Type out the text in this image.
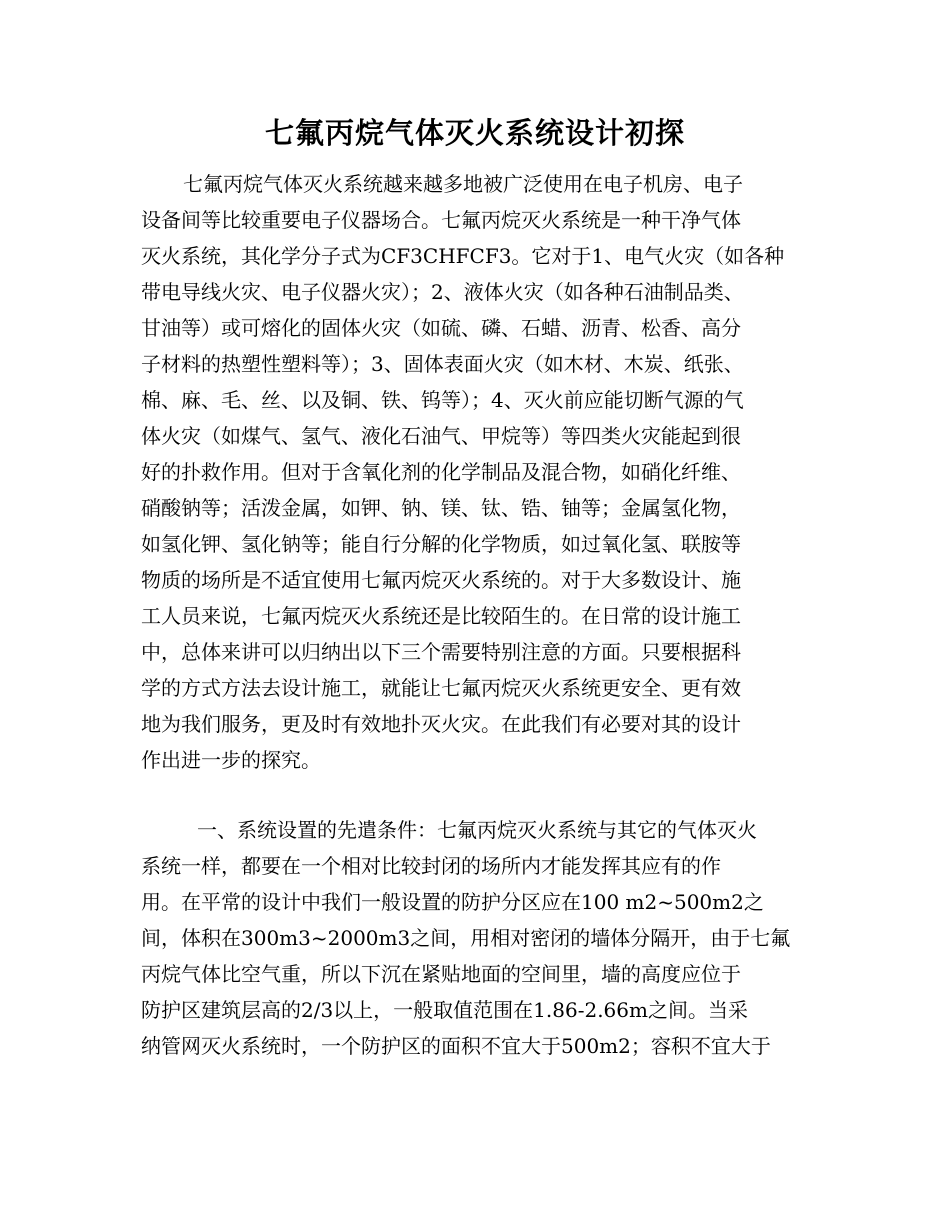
七氟丙烷气体灭火系统设计初探
七氟丙烷气体灭火系统越来越多地被广泛使用在电子机房、电子
设备间等比较重要电子仪器场合。七氟丙烷灭火系统是一种干净气体
灭火系统，其化学分子式为CF3CHFCF3。它对于1、电气火灾（如各种
带电导线火灾、电子仪器火灾）；2、液体火灾（如各种石油制品类、
甘油等）或可熔化的固体火灾（如硫、磷、石蜡、沥青、松香、高分
子材料的热塑性塑料等）；3、固体表面火灾（如木材、木炭、纸张、
棉、麻、毛、丝、以及铜、铁、钨等）；4、灭火前应能切断气源的气
体火灾（如煤气、氢气、液化石油气、甲烷等）等四类火灾能起到很
好的扑救作用。但对于含氧化剂的化学制品及混合物，如硝化纤维、
硝酸钠等；活泼金属，如钾、钠、镁、钛、锆、铀等；金属氢化物，
如氢化钾、氢化钠等；能自行分解的化学物质，如过氧化氢、联胺等
物质的场所是不适宜使用七氟丙烷灭火系统的。对于大多数设计、施
工人员来说，七氟丙烷灭火系统还是比较陌生的。在日常的设计施工
中，总体来讲可以归纳出以下三个需要特别注意的方面。只要根据科
学的方式方法去设计施工，就能让七氟丙烷灭火系统更安全、更有效
地为我们服务，更及时有效地扑灭火灾。在此我们有必要对其的设计
作出进一步的探究。
一、系统设置的先遣条件：七氟丙烷灭火系统与其它的气体灭火
系统一样，都要在一个相对比较封闭的场所内才能发挥其应有的作
用。在平常的设计中我们一般设置的防护分区应在100 m2~500m2之
间，体积在300m3~2000m3之间，用相对密闭的墙体分隔开，由于七氟
丙烷气体比空气重，所以下沉在紧贴地面的空间里，墙的高度应位于
防护区建筑层高的2/3以上，一般取值范围在1.86-2.66m之间。当采
纳管网灭火系统时，一个防护区的面积不宜大于500m2；容积不宜大于
